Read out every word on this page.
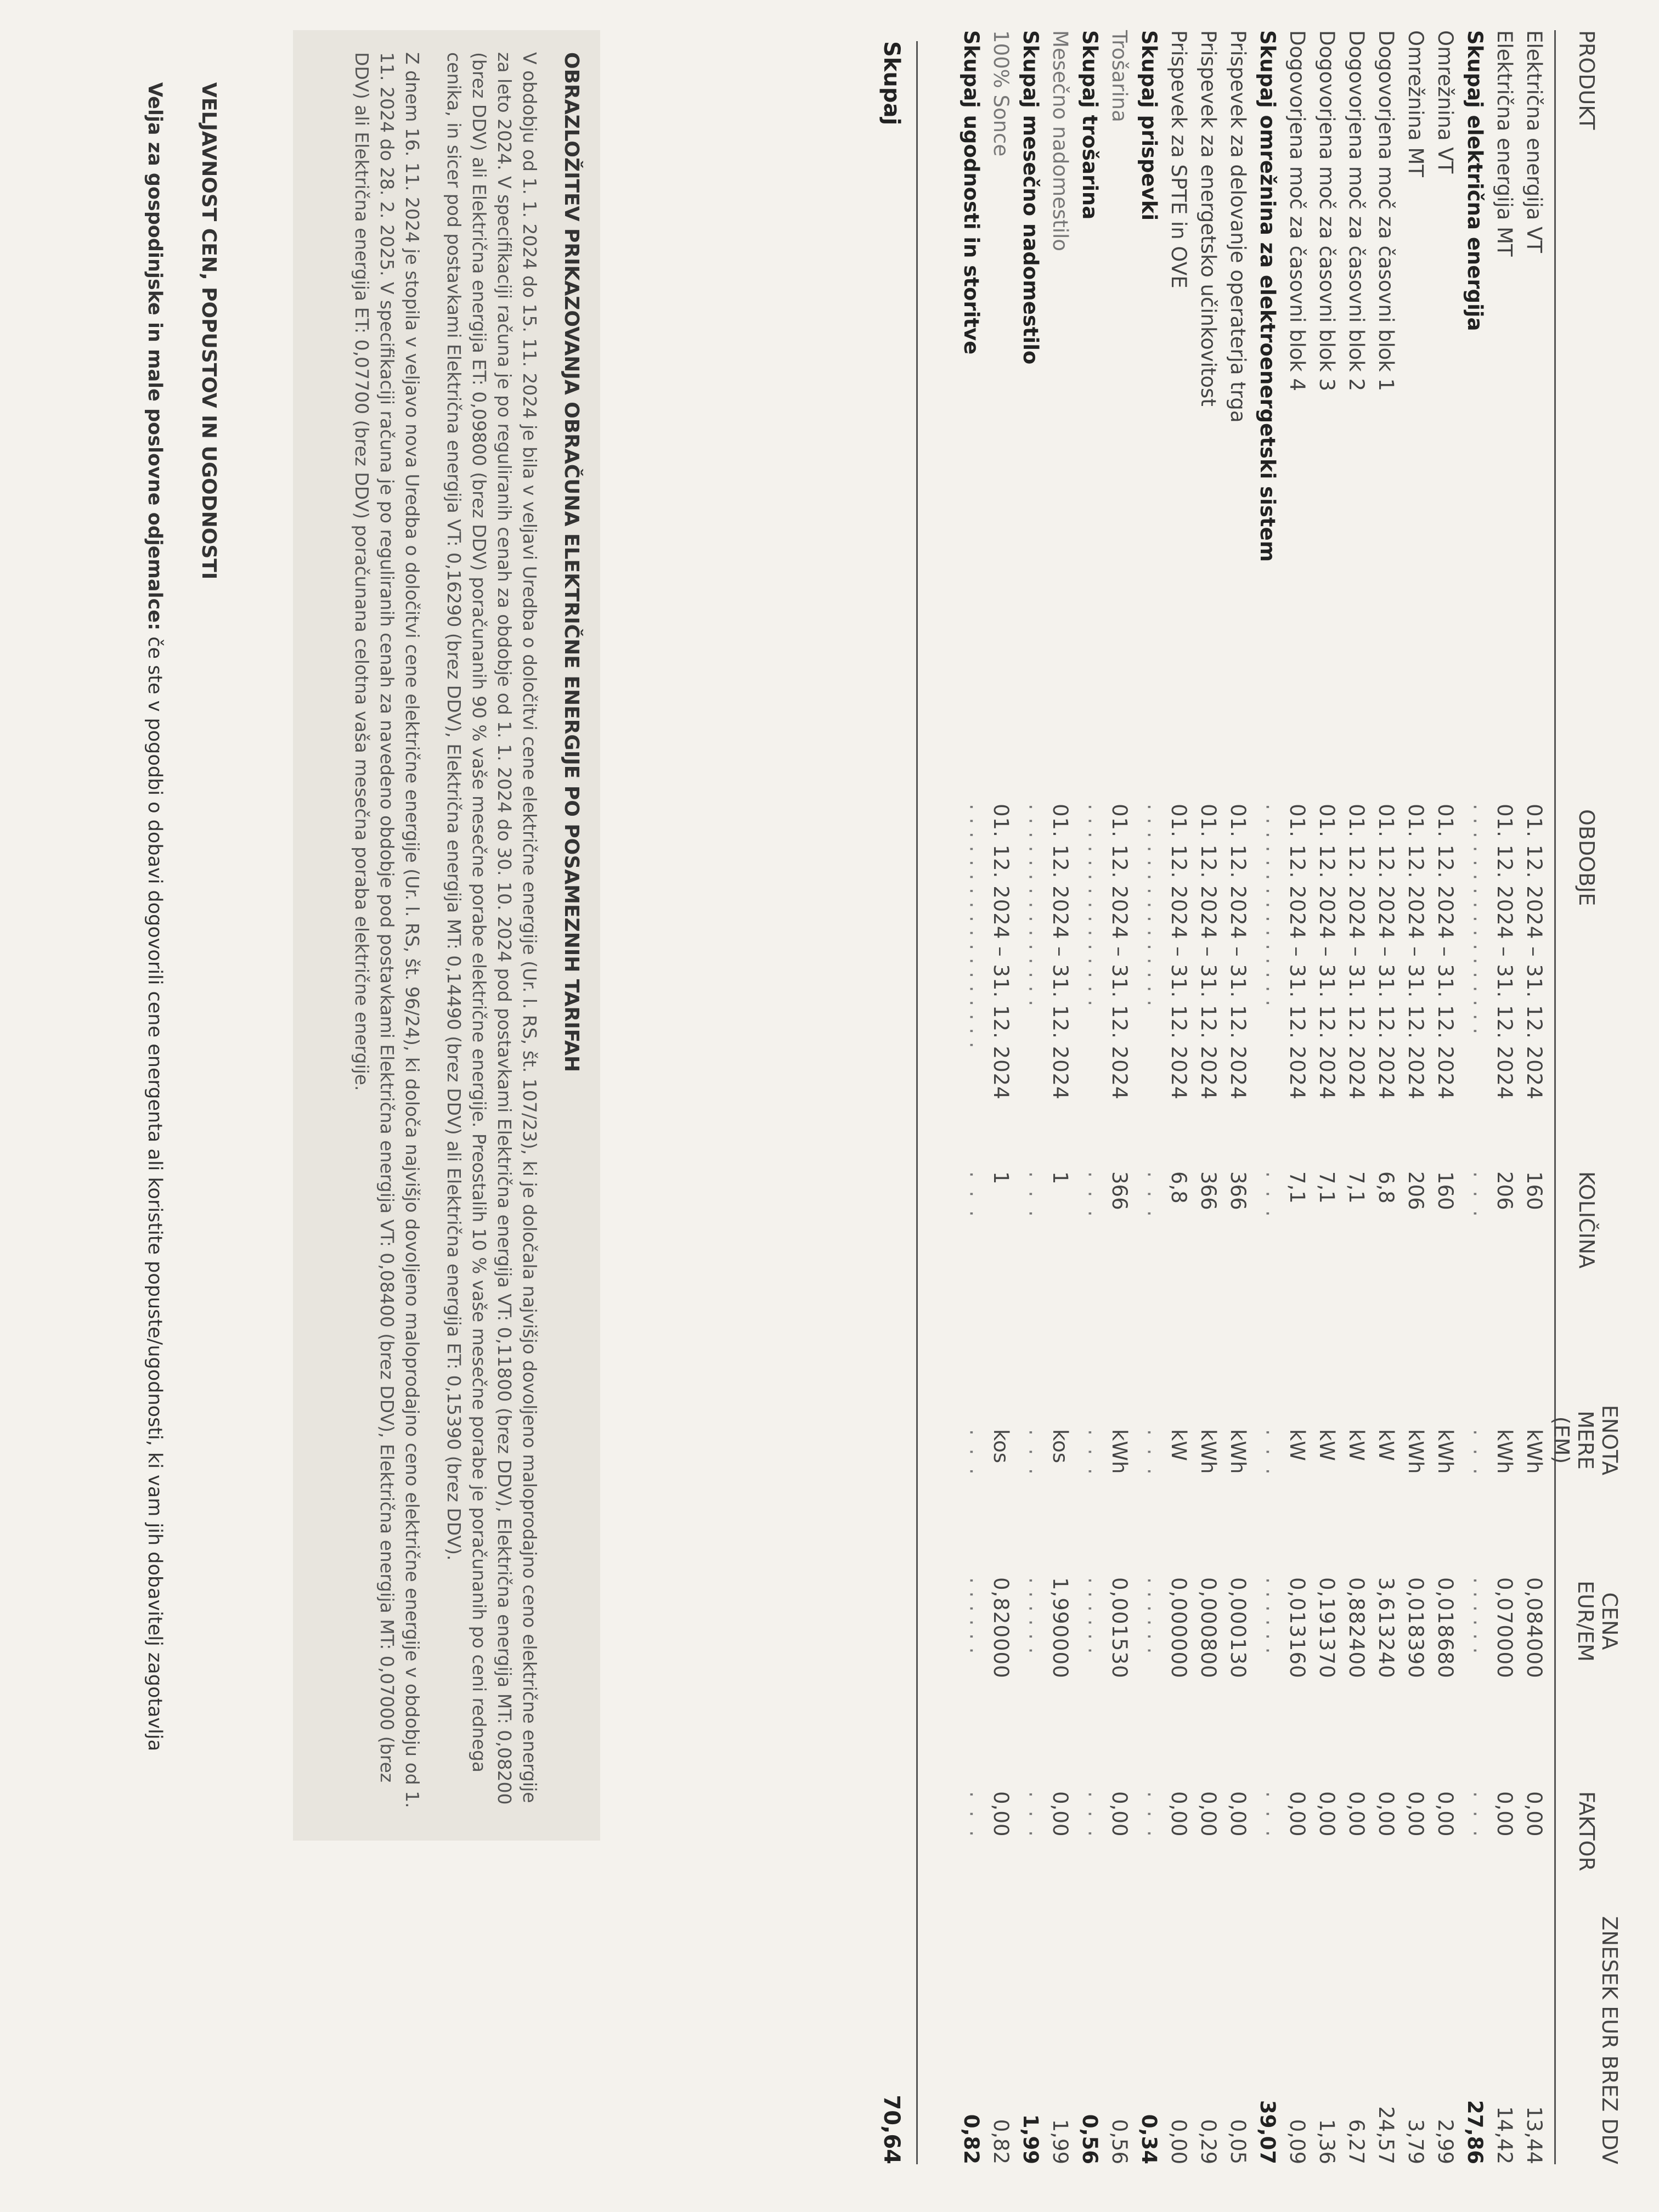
PRODUKT
OBDOBJE
KOLIČINA
ENOTA MERE (EM)
CENA EUR/EM
FAKTOR
ZNESEK EUR BREZ DDV
Električna energija VT
01. 12. 2024 – 31. 12. 2024
160
kWh
0,084000
0,00
13,44
Električna energija MT
01. 12. 2024 – 31. 12. 2024
206
kWh
0,070000
0,00
14,42
Skupaj električna energija
· · · · · · · · · · · · · · · · ·
· · ·
· · ·
· · · · · ·
· · ·
27,86
Omrežnina VT
01. 12. 2024 – 31. 12. 2024
160
kWh
0,018680
0,00
2,99
Omrežnina MT
01. 12. 2024 – 31. 12. 2024
206
kWh
0,018390
0,00
3,79
Dogovorjena moč za časovni blok 1
01. 12. 2024 – 31. 12. 2024
6,8
kW
3,613240
0,00
24,57
Dogovorjena moč za časovni blok 2
01. 12. 2024 – 31. 12. 2024
7,1
kW
0,882400
0,00
6,27
Dogovorjena moč za časovni blok 3
01. 12. 2024 – 31. 12. 2024
7,1
kW
0,191370
0,00
1,36
Dogovorjena moč za časovni blok 4
01. 12. 2024 – 31. 12. 2024
7,1
kW
0,013160
0,00
0,09
Skupaj omrežnina za elektroenergetski sistem
· · · · · · · · · · · · · · ·
· · ·
· · ·
· · · · · ·
· · ·
39,07
Prispevek za delovanje operaterja trga
01. 12. 2024 – 31. 12. 2024
366
kWh
0,000130
0,00
0,05
Prispevek za energetsko učinkovitost
01. 12. 2024 – 31. 12. 2024
366
kWh
0,000800
0,00
0,29
Prispevek za SPTE in OVE
01. 12. 2024 – 31. 12. 2024
6,8
kW
0,000000
0,00
0,00
Skupaj prispevki
· · · · · · · · · · · · · · ·
· · ·
· · ·
· · · · · ·
· · ·
0,34
Trošarina
01. 12. 2024 – 31. 12. 2024
366
kWh
0,001530
0,00
0,56
Skupaj trošarina
· · · · · · · · · · · · · · ·
· · ·
· · ·
· · · · · ·
· · ·
0,56
Mesečno nadomestilo
01. 12. 2024 – 31. 12. 2024
1
kos
1,990000
0,00
1,99
Skupaj mesečno nadomestilo
· · · · · · · · · · · · · · ·
· · ·
· · ·
· · · · · ·
· · ·
1,99
100% Sonce
01. 12. 2024 – 31. 12. 2024
1
kos
0,820000
0,00
0,82
Skupaj ugodnosti in storitve
· · · · · · · · · · · · · · · · · ·
· · ·
· · ·
· · · · · ·
· · ·
0,82
Skupaj
70,64
OBRAZLOŽITEV PRIKAZOVANJA OBRAČUNA ELEKTRIČNE ENERGIJE PO POSAMEZNIH TARIFAH

V obdobju od 1. 1. 2024 do 15. 11. 2024 je bila v veljavi Uredba o določitvi cene električne energije (Ur. l. RS, št. 107/23), ki je določala najvišjo dovoljeno maloprodajno ceno električne energije za leto 2024. V specifikaciji računa je po reguliranih cenah za obdobje od 1. 1. 2024 do 30. 10. 2024 pod postavkami Električna energija VT: 0,11800 (brez DDV), Električna energija MT: 0,08200 (brez DDV) ali Električna energija ET: 0,09800 (brez DDV) poračunanih 90 % vaše mesečne porabe električne energije. Preostalih 10 % vaše mesečne porabe je poračunanih po ceni rednega cenika, in sicer pod postavkami Električna energija VT: 0,16290 (brez DDV), Električna energija MT: 0,14490 (brez DDV) ali Električna energija ET: 0,15390 (brez DDV).

Z dnem 16. 11. 2024 je stopila v veljavo nova Uredba o določitvi cene električne energije (Ur. l. RS, št. 96/24), ki določa najvišjo dovoljeno maloprodajno ceno električne energije v obdobju od 1. 11. 2024 do 28. 2. 2025. V specifikaciji računa je po reguliranih cenah za navedeno obdobje pod postavkami Električna energija VT: 0,08400 (brez DDV), Električna energija MT: 0,07000 (brez DDV) ali Električna energija ET: 0,07700 (brez DDV) poračunana celotna vaša mesečna poraba električne energije.

VELJAVNOST CEN, POPUSTOV IN UGODNOSTI

Velja za gospodinjske in male poslovne odjemalce: če ste v pogodbi o dobavi dogovorili cene energenta ali koristite popuste/ugodnosti, ki vam jih dobavitelj zagotavlja
